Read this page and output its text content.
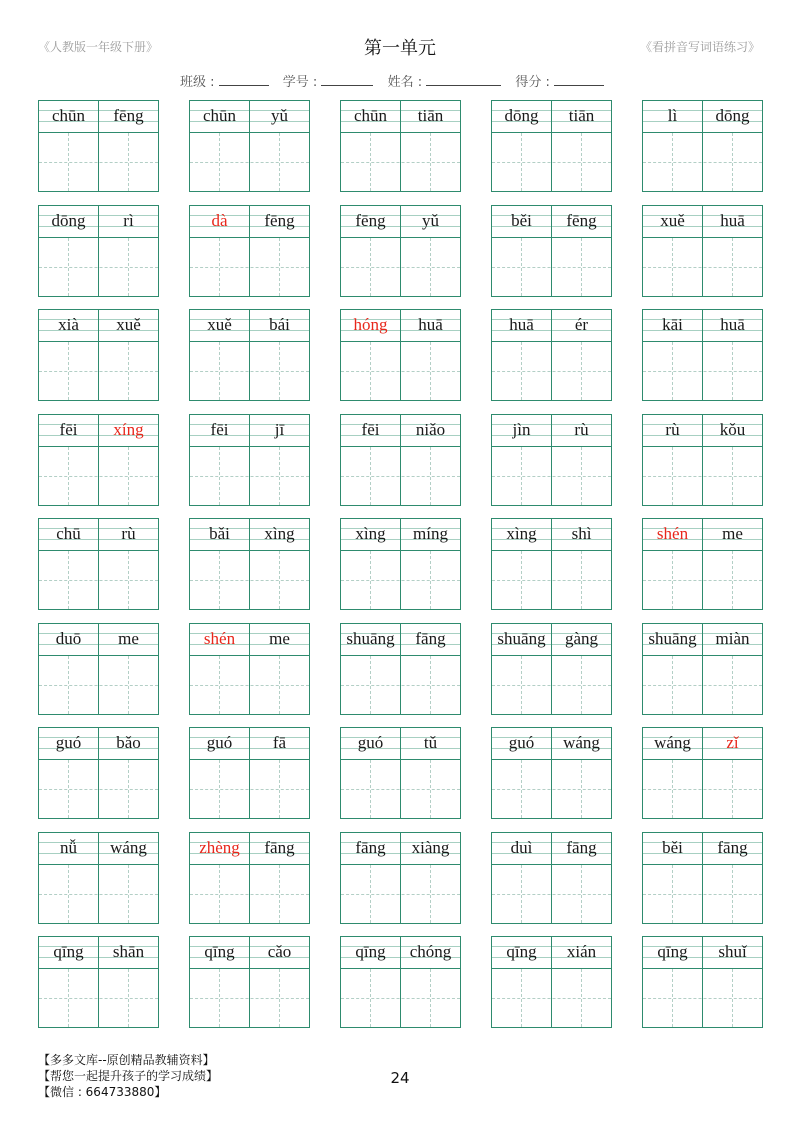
《人教版一年级下册》	第一单元	《看拼音写词语练习》
班级 :	学号 :	姓名 :	得分 :
chūn	fēng	chūn	yǔ	chūn	tiān	dōng	tiān	lì	dōng
dōng	rì	dà	fēng	fēng	yǔ	běi	fēng	xuě	huā
xià	xuě	xuě	bái	hóng	huā	huā	ér	kāi	huā
fēi	xíng	fēi	jī	fēi	niǎo	jìn	rù	rù	kǒu
chū	rù	bǎi	xìng	xìng	míng	xìng	shì	shén	me
duō	me	shén	me	shuāng	fāng	shuāng	gàng	shuāng	miàn
guó	bǎo	guó	fā	guó	tǔ	guó	wáng	wáng	zǐ
nǚ	wáng	zhèng	fāng	fāng	xiàng	duì	fāng	běi	fāng
qīng	shān	qīng	cǎo	qīng	chóng	qīng	xián	qīng	shuǐ
【多多文库--原创精品教辅资料】
【帮您一起提升孩子的学习成绩】
【微信 : 664733880】
24
